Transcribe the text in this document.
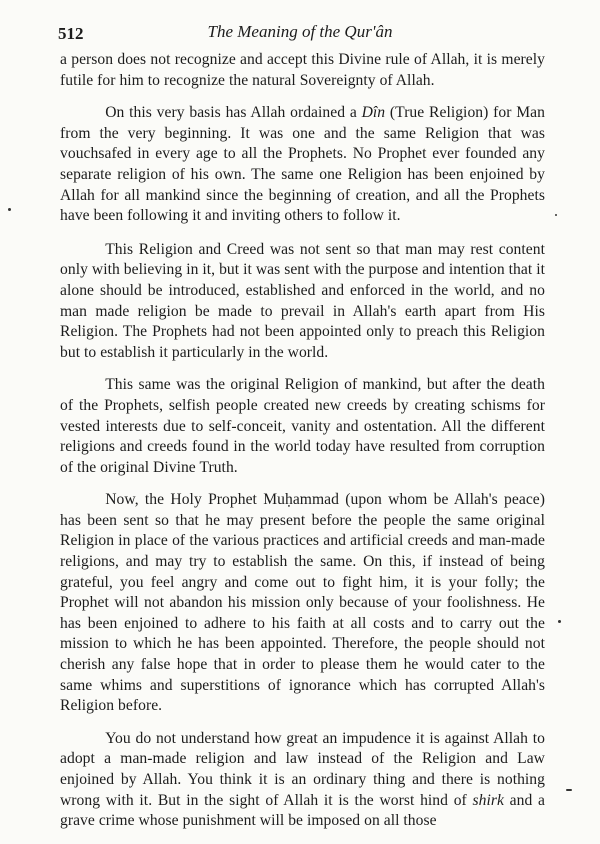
512	The Meaning of the Qur'ân

a person does not recognize and accept this Divine rule of Allah, it is merely futile for him to recognize the natural Sovereignty of Allah.

On this very basis has Allah ordained a Dîn (True Religion) for Man from the very beginning. It was one and the same Religion that was vouchsafed in every age to all the Prophets. No Prophet ever founded any separate religion of his own. The same one Religion has been enjoined by Allah for all mankind since the beginning of creation, and all the Prophets have been following it and inviting others to follow it.

This Religion and Creed was not sent so that man may rest content only with believing in it, but it was sent with the purpose and intention that it alone should be introduced, established and enforced in the world, and no man made religion be made to prevail in Allah's earth apart from His Religion. The Prophets had not been appointed only to preach this Religion but to establish it particularly in the world.

This same was the original Religion of mankind, but after the death of the Prophets, selfish people created new creeds by creating schisms for vested interests due to self-conceit, vanity and ostentation. All the different religions and creeds found in the world today have resulted from corruption of the original Divine Truth.

Now, the Holy Prophet Muḥammad (upon whom be Allah's peace) has been sent so that he may present before the people the same original Religion in place of the various practices and artificial creeds and man-made religions, and may try to establish the same. On this, if instead of being grateful, you feel angry and come out to fight him, it is your folly; the Prophet will not abandon his mission only because of your foolishness. He has been enjoined to adhere to his faith at all costs and to carry out the mission to which he has been appointed. Therefore, the people should not cherish any false hope that in order to please them he would cater to the same whims and superstitions of ignorance which has corrupted Allah's Religion before.

You do not understand how great an impudence it is against Allah to adopt a man-made religion and law instead of the Religion and Law enjoined by Allah. You think it is an ordinary thing and there is nothing wrong with it. But in the sight of Allah it is the worst hind of shirk and a grave crime whose punishment will be imposed on all those
